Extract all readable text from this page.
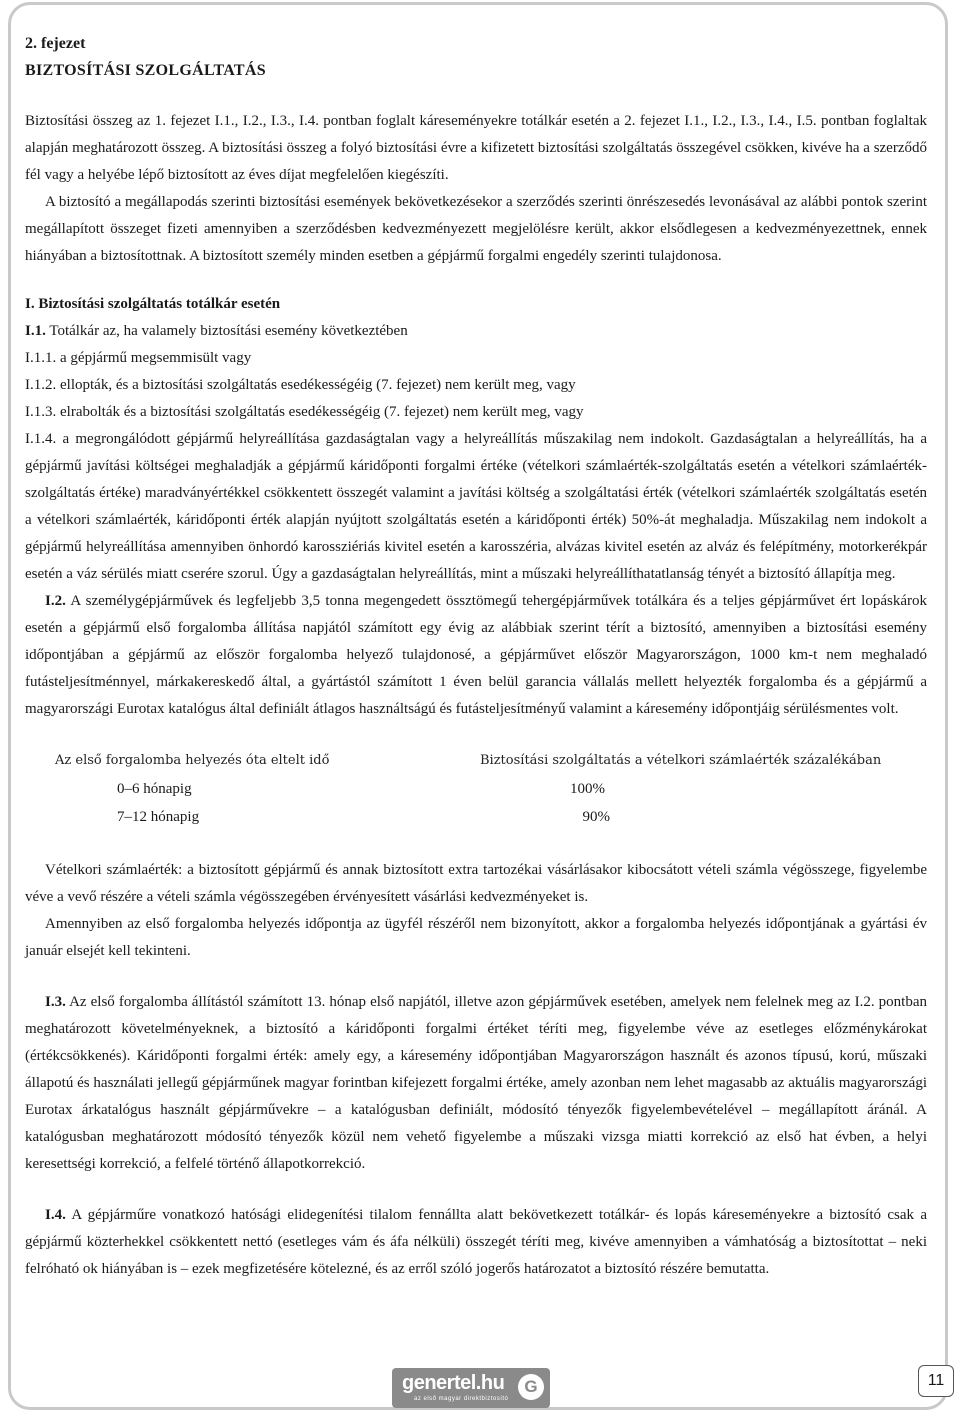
2. fejezet
BIZTOSÍTÁSI SZOLGÁLTATÁS

Biztosítási összeg az 1. fejezet I.1., I.2., I.3., I.4. pontban foglalt káreseményekre totálkár esetén a 2. fejezet I.1., I.2., I.3., I.4., I.5. pontban foglaltak alapján meghatározott összeg. A biztosítási összeg a folyó biztosítási évre a kifizetett biztosítási szolgáltatás összegével csökken, kivéve ha a szerződő fél vagy a helyébe lépő biztosított az éves díjat megfelelően kiegészíti.

A biztosító a megállapodás szerinti biztosítási események bekövetkezésekor a szerződés szerinti önrészesedés levonásával az alábbi pontok szerint megállapított összeget fizeti amennyiben a szerződésben kedvezményezett megjelölésre került, akkor elsődlegesen a kedvezményezettnek, ennek hiányában a biztosítottnak. A biztosított személy minden esetben a gépjármű forgalmi engedély szerinti tulajdonosa.

I. Biztosítási szolgáltatás totálkár esetén

I.1. Totálkár az, ha valamely biztosítási esemény következtében

I.1.1. a gépjármű megsemmisült vagy

I.1.2. ellopták, és a biztosítási szolgáltatás esedékességéig (7. fejezet) nem került meg, vagy

I.1.3. elrabolták és a biztosítási szolgáltatás esedékességéig (7. fejezet) nem került meg, vagy

I.1.4. a megrongálódott gépjármű helyreállítása gazdaságtalan vagy a helyreállítás műszakilag nem indokolt. Gazdaságtalan a helyreállítás, ha a gépjármű javítási költségei meghaladják a gépjármű káridőponti forgalmi értéke (vételkori számlaérték-szolgáltatás esetén a vételkori számlaérték-szolgáltatás értéke) maradványértékkel csökkentett összegét valamint a javítási költség a szolgáltatási érték (vételkori számlaérték szolgáltatás esetén a vételkori számlaérték, káridőponti érték alapján nyújtott szolgáltatás esetén a káridőponti érték) 50%-át meghaladja. Műszakilag nem indokolt a gépjármű helyreállítása amennyiben önhordó karossziériás kivitel esetén a karosszéria, alvázas kivitel esetén az alváz és felépítmény, motorkerékpár esetén a váz sérülés miatt cserére szorul. Úgy a gazdaságtalan helyreállítás, mint a műszaki helyreállíthatatlanság tényét a biztosító állapítja meg.

I.2. A személygépjárművek és legfeljebb 3,5 tonna megengedett össztömegű tehergépjárművek totálkára és a teljes gépjárművet ért lopáskárok esetén a gépjármű első forgalomba állítása napjától számított egy évig az alábbiak szerint térít a biztosító, amennyiben a biztosítási esemény időpontjában a gépjármű az először forgalomba helyező tulajdonosé, a gépjárművet először Magyarországon, 1000 km-t nem meghaladó futásteljesítménnyel, márkakereskedő által, a gyártástól számított 1 éven belül garancia vállalás mellett helyezték forgalomba és a gépjármű a magyarországi Eurotax katalógus által definiált átlagos használtságú és futásteljesítményű valamint a káresemény időpontjáig sérülésmentes volt.

Az első forgalomba helyezés óta eltelt idő	Biztosítási szolgáltatás a vételkori számlaérték százalékában
0–6 hónapig	100%
7–12 hónapig	90%

Vételkori számlaérték: a biztosított gépjármű és annak biztosított extra tartozékai vásárlásakor kibocsátott vételi számla végösszege, figyelembe véve a vevő részére a vételi számla végösszegében érvényesített vásárlási kedvezményeket is.

Amennyiben az első forgalomba helyezés időpontja az ügyfél részéről nem bizonyított, akkor a forgalomba helyezés időpontjának a gyártási év január elsejét kell tekinteni.

I.3. Az első forgalomba állítástól számított 13. hónap első napjától, illetve azon gépjárművek esetében, amelyek nem felelnek meg az I.2. pontban meghatározott követelményeknek, a biztosító a káridőponti forgalmi értéket téríti meg, figyelembe véve az esetleges előzménykárokat (értékcsökkenés). Káridőponti forgalmi érték: amely egy, a káresemény időpontjában Magyarországon használt és azonos típusú, korú, műszaki állapotú és használati jellegű gépjárműnek magyar forintban kifejezett forgalmi értéke, amely azonban nem lehet magasabb az aktuális magyarországi Eurotax árkatalógus használt gépjárművekre – a katalógusban definiált, módosító tényezők figyelembevételével – megállapított áránál. A katalógusban meghatározott módosító tényezők közül nem vehető figyelembe a műszaki vizsga miatti korrekció az első hat évben, a helyi keresettségi korrekció, a felfelé történő állapotkorrekció.

I.4. A gépjárműre vonatkozó hatósági elidegenítési tilalom fennállta alatt bekövetkezett totálkár- és lopás káreseményekre a biztosító csak a gépjármű közterhekkel csökkentett nettó (esetleges vám és áfa nélküli) összegét téríti meg, kivéve amennyiben a vámhatóság a biztosítottat – neki felróható ok hiányában is – ezek megfizetésére kötelezné, és az erről szóló jogerős határozatot a biztosító részére bemutatta.

genertel.hu
az első magyar direktbiztosító
G	11
